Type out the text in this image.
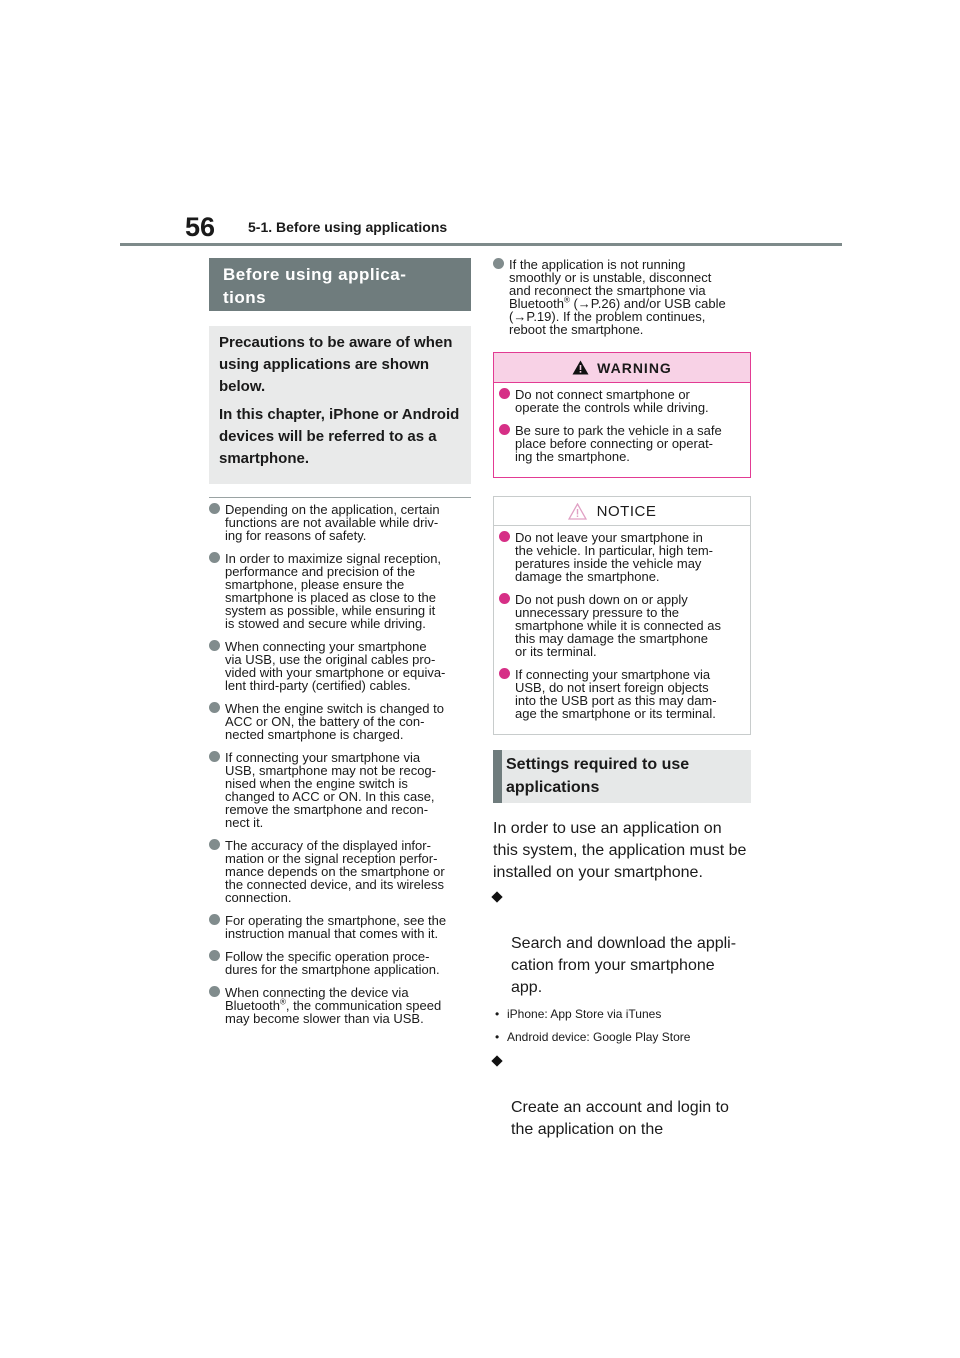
56 5-1. Before using applications
Before using applica-
tions

Precautions to be aware of when using applications are shown below.

In this chapter, iPhone or Android devices will be referred to as a smartphone.

Depending on the application, certain
functions are not available while driv-
ing for reasons of safety.
In order to maximize signal reception,
performance and precision of the
smartphone, please ensure the
smartphone is placed as close to the
system as possible, while ensuring it
is stowed and secure while driving.
When connecting your smartphone
via USB, use the original cables pro-
vided with your smartphone or equiva-
lent third-party (certified) cables.
When the engine switch is changed to
ACC or ON, the battery of the con-
nected smartphone is charged.
If connecting your smartphone via
USB, smartphone may not be recog-
nised when the engine switch is
changed to ACC or ON. In this case,
remove the smartphone and recon-
nect it.
The accuracy of the displayed infor-
mation or the signal reception perfor-
mance depends on the smartphone or
the connected device, and its wireless
connection.
For operating the smartphone, see the
instruction manual that comes with it.
Follow the specific operation proce-
dures for the smartphone application.
When connecting the device via
Bluetooth®, the communication speed
may become slower than via USB.
If the application is not running
smoothly or is unstable, disconnect
and reconnect the smartphone via
Bluetooth® (→P.26) and/or USB cable
(→P.19). If the problem continues,
reboot the smartphone.
WARNING
Do not connect smartphone or
operate the controls while driving.
Be sure to park the vehicle in a safe
place before connecting or operat-
ing the smartphone.
NOTICE
Do not leave your smartphone in
the vehicle. In particular, high tem-
peratures inside the vehicle may
damage the smartphone.
Do not push down on or apply
unnecessary pressure to the
smartphone while it is connected as
this may damage the smartphone
or its terminal.
If connecting your smartphone via
USB, do not insert foreign objects
into the USB port as this may dam-
age the smartphone or its terminal.
Settings required to use applications
In order to use an application on
this system, the application must be
installed on your smartphone.

Search and download the appli-
cation from your smartphone
app.

• iPhone: App Store via iTunes
• Android device: Google Play Store

Create an account and login to
the application on the
